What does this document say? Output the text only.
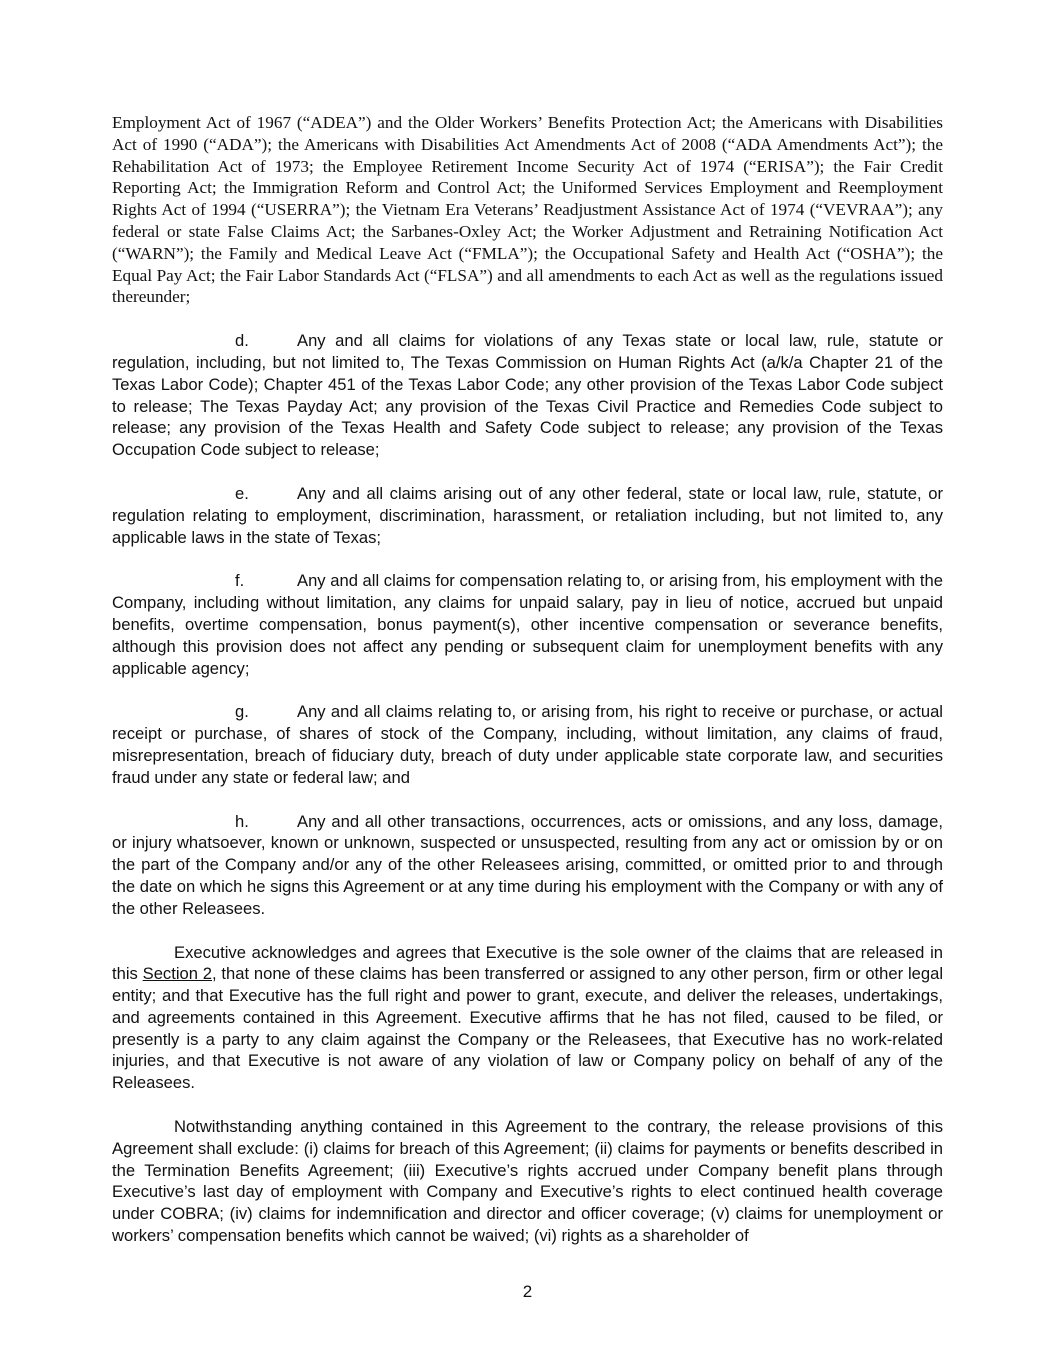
Employment Act of 1967 (“ADEA”) and the Older Workers’ Benefits Protection Act; the Americans with Disabilities Act of 1990 (“ADA”); the Americans with Disabilities Act Amendments Act of 2008 (“ADA Amendments Act”); the Rehabilitation Act of 1973; the Employee Retirement Income Security Act of 1974 (“ERISA”); the Fair Credit Reporting Act; the Immigration Reform and Control Act; the Uniformed Services Employment and Reemployment Rights Act of 1994 (“USERRA”); the Vietnam Era Veterans’ Readjustment Assistance Act of 1974 (“VEVRAA”); any federal or state False Claims Act; the Sarbanes-Oxley Act; the Worker Adjustment and Retraining Notification Act (“WARN”); the Family and Medical Leave Act (“FMLA”); the Occupational Safety and Health Act (“OSHA”); the Equal Pay Act; the Fair Labor Standards Act (“FLSA”) and all amendments to each Act as well as the regulations issued thereunder;

d.	Any and all claims for violations of any Texas state or local law, rule, statute or regulation, including, but not limited to, The Texas Commission on Human Rights Act (a/k/a Chapter 21 of the Texas Labor Code); Chapter 451 of the Texas Labor Code; any other provision of the Texas Labor Code subject to release; The Texas Payday Act; any provision of the Texas Civil Practice and Remedies Code subject to release; any provision of the Texas Health and Safety Code subject to release; any provision of the Texas Occupation Code subject to release;

e.	Any and all claims arising out of any other federal, state or local law, rule, statute, or regulation relating to employment, discrimination, harassment, or retaliation including, but not limited to, any applicable laws in the state of Texas;

f.	Any and all claims for compensation relating to, or arising from, his employment with the Company, including without limitation, any claims for unpaid salary, pay in lieu of notice, accrued but unpaid benefits, overtime compensation, bonus payment(s), other incentive compensation or severance benefits, although this provision does not affect any pending or subsequent claim for unemployment benefits with any applicable agency;

g.	Any and all claims relating to, or arising from, his right to receive or purchase, or actual receipt or purchase, of shares of stock of the Company, including, without limitation, any claims of fraud, misrepresentation, breach of fiduciary duty, breach of duty under applicable state corporate law, and securities fraud under any state or federal law; and

h.	Any and all other transactions, occurrences, acts or omissions, and any loss, damage, or injury whatsoever, known or unknown, suspected or unsuspected, resulting from any act or omission by or on the part of the Company and/or any of the other Releasees arising, committed, or omitted prior to and through the date on which he signs this Agreement or at any time during his employment with the Company or with any of the other Releasees.

Executive acknowledges and agrees that Executive is the sole owner of the claims that are released in this Section 2, that none of these claims has been transferred or assigned to any other person, firm or other legal entity; and that Executive has the full right and power to grant, execute, and deliver the releases, undertakings, and agreements contained in this Agreement. Executive affirms that he has not filed, caused to be filed, or presently is a party to any claim against the Company or the Releasees, that Executive has no work-related injuries, and that Executive is not aware of any violation of law or Company policy on behalf of any of the Releasees.

Notwithstanding anything contained in this Agreement to the contrary, the release provisions of this Agreement shall exclude: (i) claims for breach of this Agreement; (ii) claims for payments or benefits described in the Termination Benefits Agreement; (iii) Executive’s rights accrued under Company benefit plans through Executive’s last day of employment with Company and Executive’s rights to elect continued health coverage under COBRA; (iv) claims for indemnification and director and officer coverage; (v) claims for unemployment or workers’ compensation benefits which cannot be waived; (vi) rights as a shareholder of

2
